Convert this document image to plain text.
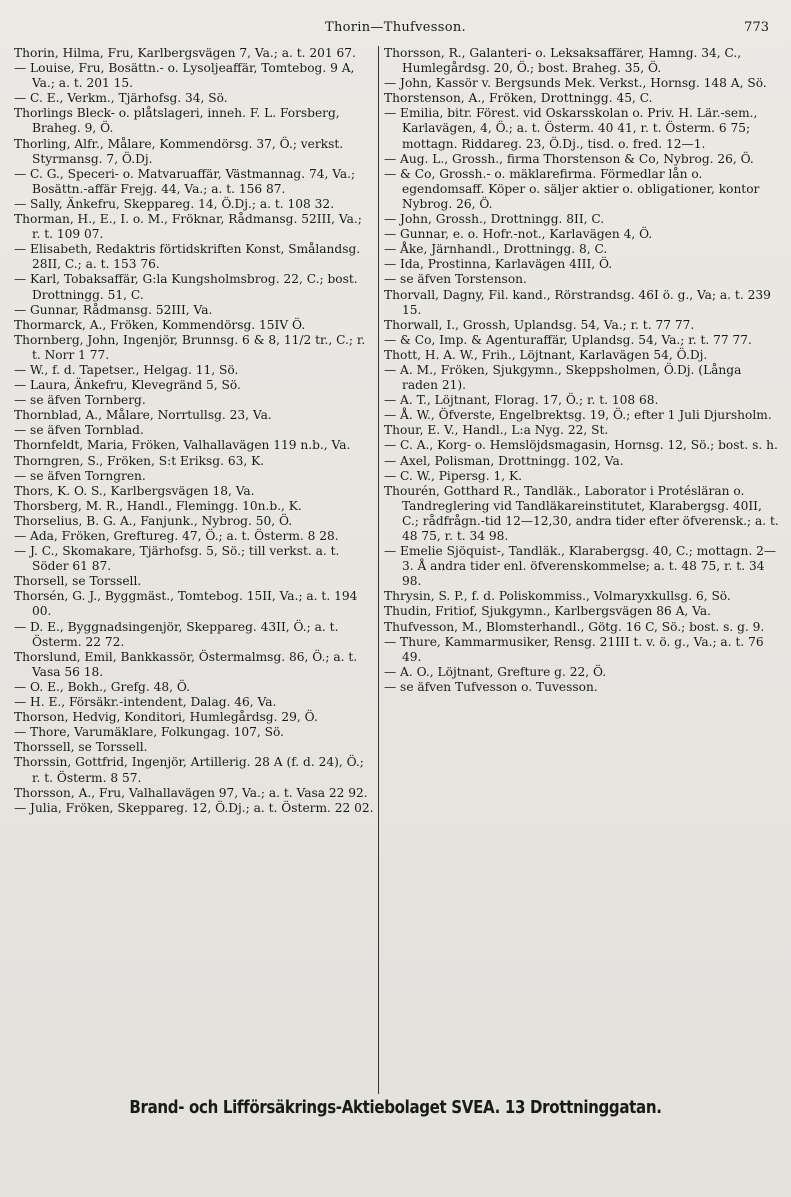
Thorin—Thufvesson.	773

Thorin, Hilma, Fru, Karlbergsvägen 7, Va.; a. t. 201 67.

— Louise, Fru, Bosättn.- o. Lysoljeaffär, Tomtebog. 9 A, Va.; a. t. 201 15.

— C. E., Verkm., Tjärhofsg. 34, Sö.

Thorlings Bleck- o. plåtslageri, inneh. F. L. Forsberg, Braheg. 9, Ö.

Thorling, Alfr., Målare, Kommendörsg. 37, Ö.; verkst. Styrmansg. 7, Ö.Dj.

— C. G., Speceri- o. Matvaruaffär, Västmannag. 74, Va.; Bosättn.-affär Frejg. 44, Va.; a. t. 156 87.

— Sally, Änkefru, Skeppareg. 14, Ö.Dj.; a. t. 108 32.

Thorman, H., E., I. o. M., Fröknar, Rådmansg. 52III, Va.; r. t. 109 07.

— Elisabeth, Redaktris förtidskriften Konst, Smålandsg. 28II, C.; a. t. 153 76.

— Karl, Tobaksaffär, G:la Kungsholmsbrog. 22, C.; bost. Drottningg. 51, C.

— Gunnar, Rådmansg. 52III, Va.

Thormarck, A., Fröken, Kommendörsg. 15IV Ö.

Thornberg, John, Ingenjör, Brunnsg. 6 & 8, 11/2 tr., C.; r. t. Norr 1 77.

— W., f. d. Tapetser., Helgag. 11, Sö.

— Laura, Änkefru, Klevegränd 5, Sö.

— se äfven Tornberg.

Thornblad, A., Målare, Norrtullsg. 23, Va.

— se äfven Tornblad.

Thornfeldt, Maria, Fröken, Valhallavägen 119 n.b., Va.

Thorngren, S., Fröken, S:t Eriksg. 63, K.

— se äfven Torngren.

Thors, K. O. S., Karlbergsvägen 18, Va.

Thorsberg, M. R., Handl., Flemingg. 10n.b., K.

Thorselius, B. G. A., Fanjunk., Nybrog. 50, Ö.

— Ada, Fröken, Greftureg. 47, Ö.; a. t. Österm. 8 28.

— J. C., Skomakare, Tjärhofsg. 5, Sö.; till verkst. a. t. Söder 61 87.

Thorsell, se Torssell.

Thorsén, G. J., Byggmäst., Tomtebog. 15II, Va.; a. t. 194 00.

— D. E., Byggnadsingenjör, Skeppareg. 43II, Ö.; a. t. Österm. 22 72.

Thorslund, Emil, Bankkassör, Östermalmsg. 86, Ö.; a. t. Vasa 56 18.

— O. E., Bokh., Grefg. 48, Ö.

— H. E., Försäkr.-intendent, Dalag. 46, Va.

Thorson, Hedvig, Konditori, Humlegårdsg. 29, Ö.

— Thore, Varumäklare, Folkungag. 107, Sö.

Thorssell, se Torssell.

Thorssin, Gottfrid, Ingenjör, Artillerig. 28 A (f. d. 24), Ö.; r. t. Österm. 8 57.

Thorsson, A., Fru, Valhallavägen 97, Va.; a. t. Vasa 22 92.

— Julia, Fröken, Skeppareg. 12, Ö.Dj.; a. t. Österm. 22 02.

Thorsson, R., Galanteri- o. Leksaksaffärer, Hamng. 34, C., Humlegårdsg. 20, Ö.; bost. Braheg. 35, Ö.

— John, Kassör v. Bergsunds Mek. Verkst., Hornsg. 148 A, Sö.

Thorstenson, A., Fröken, Drottningg. 45, C.

— Emilia, bitr. Förest. vid Oskarsskolan o. Priv. H. Lär.-sem., Karlavägen, 4, Ö.; a. t. Österm. 40 41, r. t. Österm. 6 75; mottagn. Riddareg. 23, Ö.Dj., tisd. o. fred. 12—1.

— Aug. L., Grossh., firma Thorstenson & Co, Nybrog. 26, Ö.

— & Co, Grossh.- o. mäklarefirma. Förmedlar lån o. egendomsaff. Köper o. säljer aktier o. obligationer, kontor Nybrog. 26, Ö.

— John, Grossh., Drottningg. 8II, C.

— Gunnar, e. o. Hofr.-not., Karlavägen 4, Ö.

— Åke, Järnhandl., Drottningg. 8, C.

— Ida, Prostinna, Karlavägen 4III, Ö.

— se äfven Torstenson.

Thorvall, Dagny, Fil. kand., Rörstrandsg. 46I ö. g., Va; a. t. 239 15.

Thorwall, I., Grossh, Uplandsg. 54, Va.; r. t. 77 77.

— & Co, Imp. & Agenturaffär, Uplandsg. 54, Va.; r. t. 77 77.

Thott, H. A. W., Frih., Löjtnant, Karlavägen 54, Ö.Dj.

— A. M., Fröken, Sjukgymn., Skeppsholmen, Ö.Dj. (Långa raden 21).

— A. T., Löjtnant, Florag. 17, Ö.; r. t. 108 68.

— Å. W., Öfverste, Engelbrektsg. 19, Ö.; efter 1 Juli Djursholm.

Thour, E. V., Handl., L:a Nyg. 22, St.

— C. A., Korg- o. Hemslöjdsmagasin, Hornsg. 12, Sö.; bost. s. h.

— Axel, Polisman, Drottningg. 102, Va.

— C. W., Pipersg. 1, K.

Thourén, Gotthard R., Tandläk., Laborator i Protésläran o. Tandreglering vid Tandläkareinstitutet, Klarabergsg. 40II, C.; rådfrågn.-tid 12—12,30, andra tider efter öfverensk.; a. t. 48 75, r. t. 34 98.

— Emelie Sjöquist-, Tandläk., Klarabergsg. 40, C.; mottagn. 2—3. Å andra tider enl. öfverenskommelse; a. t. 48 75, r. t. 34 98.

Thrysin, S. P., f. d. Poliskommiss., Volmaryxkullsg. 6, Sö.

Thudin, Fritiof, Sjukgymn., Karlbergsvägen 86 A, Va.

Thufvesson, M., Blomsterhandl., Götg. 16 C, Sö.; bost. s. g. 9.

— Thure, Kammarmusiker, Rensg. 21III t. v. ö. g., Va.; a. t. 76 49.

— A. O., Löjtnant, Grefture g. 22, Ö.

— se äfven Tufvesson o. Tuvesson.

Brand- och Lifförsäkrings-Aktiebolaget SVEA. 13 Drottninggatan.
